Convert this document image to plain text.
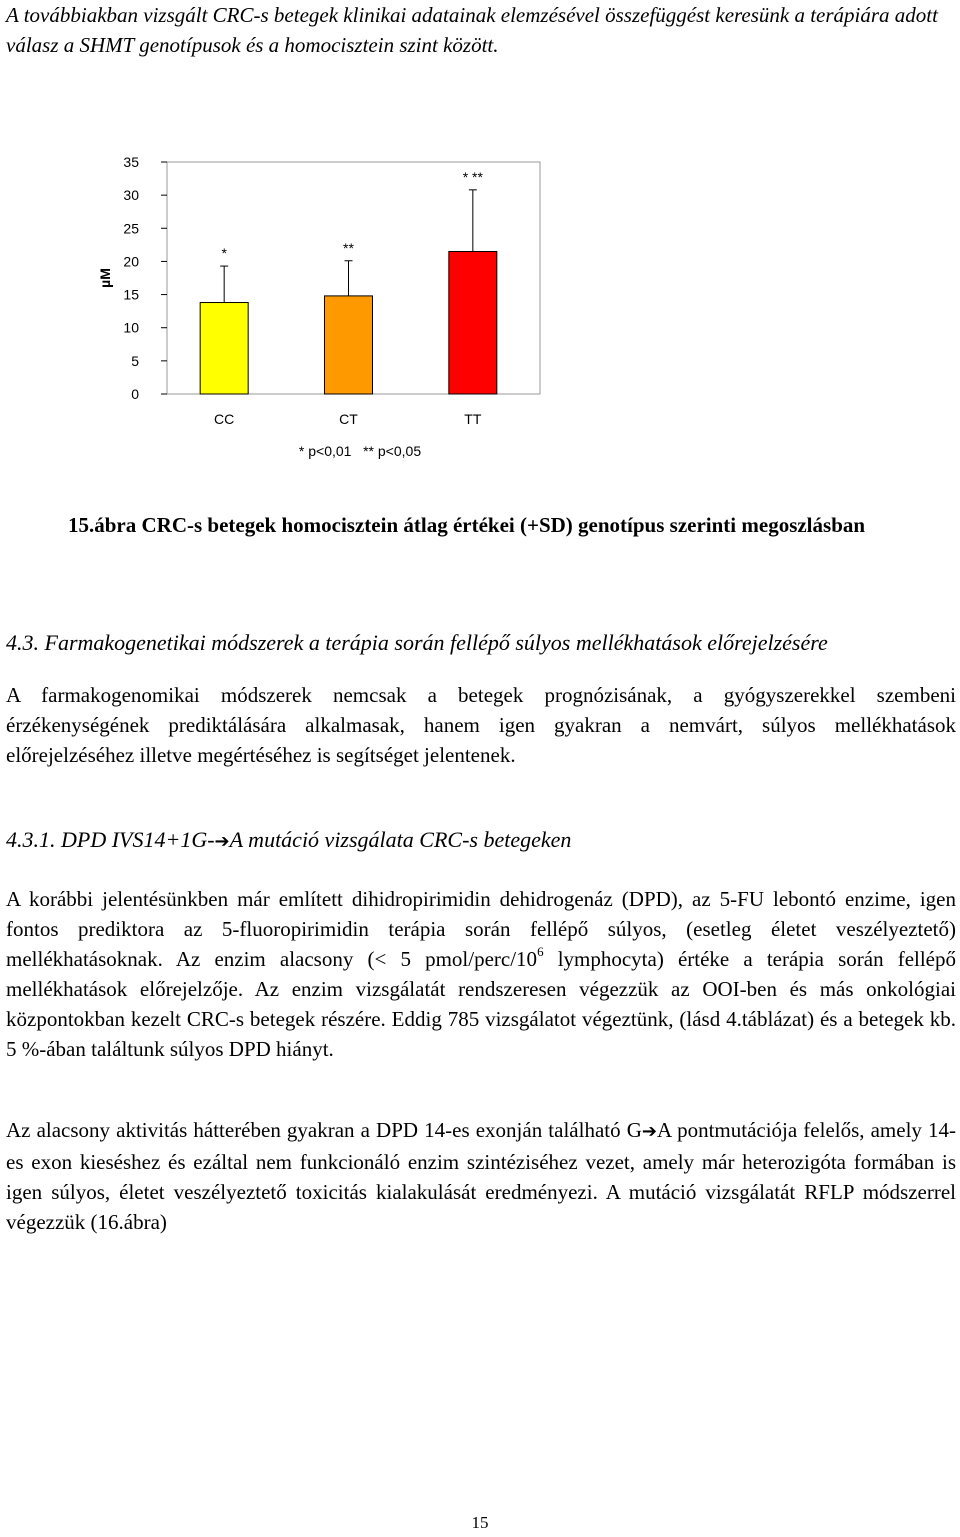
A továbbiakban vizsgált CRC-s betegek klinikai adatainak elemzésével összefüggést keresünk a terápiára adott válasz a SHMT genotípusok és a homocisztein szint között.
0
5
10
15
20
25
30
35
µM
*	**
* **
CC	CT	TT
* p<0,01   ** p<0,05
15.ábra CRC-s betegek homocisztein átlag értékei (+SD) genotípus szerinti megoszlásban
4.3. Farmakogenetikai módszerek a terápia során fellépő súlyos mellékhatások előrejelzésére
A farmakogenomikai módszerek nemcsak a betegek prognózisának, a gyógyszerekkel szembeni érzékenységének prediktálására alkalmasak, hanem igen gyakran a nemvárt, súlyos mellékhatások előrejelzéséhez illetve megértéséhez is segítséget jelentenek.
4.3.1. DPD IVS14+1G-➔A mutáció vizsgálata CRC-s betegeken
A korábbi jelentésünkben már említett dihidropirimidin dehidrogenáz (DPD), az 5-FU lebontó enzime, igen fontos prediktora az 5-fluoropirimidin terápia során fellépő súlyos, (esetleg életet veszélyeztető) mellékhatásoknak. Az enzim alacsony (< 5 pmol/$perc/10^6$ lymphocyta) értéke a terápia során fellépő mellékhatások előrejelzője. Az enzim vizsgálatát rendszeresen végezzük az OOI-ben és más onkológiai központokban kezelt CRC-s betegek részére. Eddig 785 vizsgálatot végeztünk, (lásd 4.táblázat) és a betegek kb. 5 %-ában találtunk súlyos DPD hiányt.
Az alacsony aktivitás hátterében gyakran a DPD 14-es exonján található G➔A pontmutációja felelős, amely 14-es exon kieséshez és ezáltal nem funkcionáló enzim szintéziséhez vezet, amely már heterozigóta formában is igen súlyos, életet veszélyeztető toxicitás kialakulását eredményezi. A mutáció vizsgálatát RFLP módszerrel végezzük (16.ábra)
15
